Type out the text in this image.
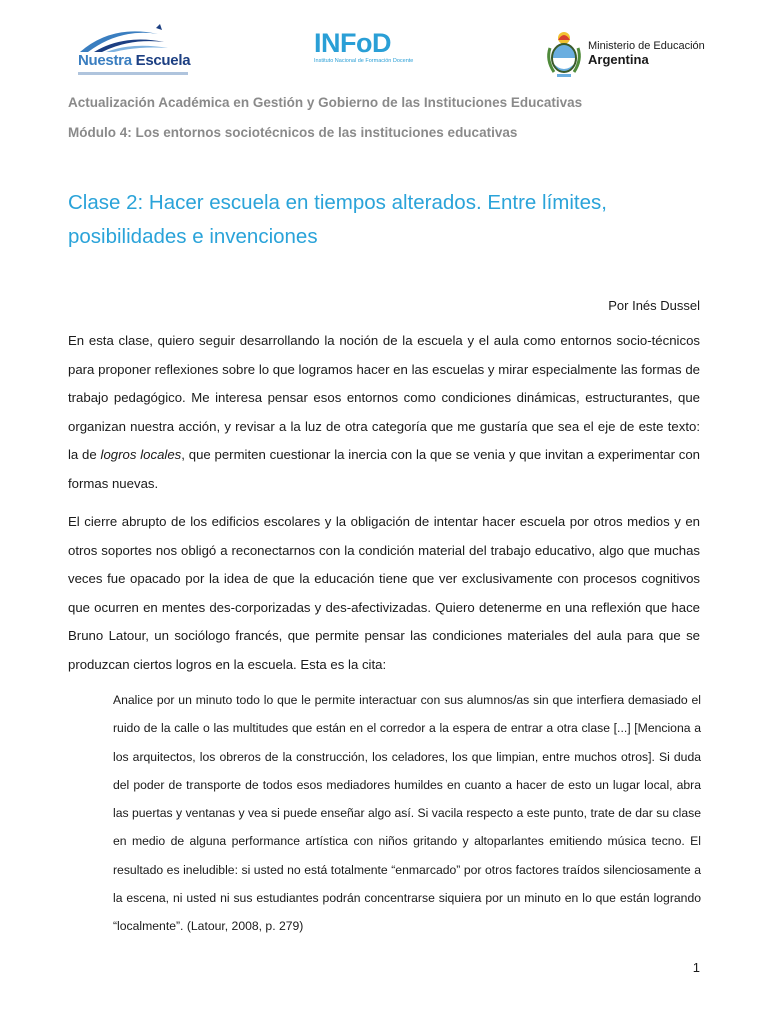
Nuestra Escuela
INFoD
Instituto Nacional de Formación Docente
Ministerio de Educación
Argentina
Actualización Académica en Gestión y Gobierno de las Instituciones Educativas
Módulo 4: Los entornos sociotécnicos de las instituciones educativas
Clase 2: Hacer escuela en tiempos alterados. Entre límites, posibilidades e invenciones
Por Inés Dussel
En esta clase, quiero seguir desarrollando la noción de la escuela y el aula como entornos socio-técnicos para proponer reflexiones sobre lo que logramos hacer en las escuelas y mirar especialmente las formas de trabajo pedagógico. Me interesa pensar esos entornos como condiciones dinámicas, estructurantes, que organizan nuestra acción, y revisar a la luz de otra categoría que me gustaría que sea el eje de este texto: la de logros locales, que permiten cuestionar la inercia con la que se venia y que invitan a experimentar con formas nuevas.
El cierre abrupto de los edificios escolares y la obligación de intentar hacer escuela por otros medios y en otros soportes nos obligó a reconectarnos con la condición material del trabajo educativo, algo que muchas veces fue opacado por la idea de que la educación tiene que ver exclusivamente con procesos cognitivos que ocurren en mentes des-corporizadas y des-afectivizadas. Quiero detenerme en una reflexión que hace Bruno Latour, un sociólogo francés, que permite pensar las condiciones materiales del aula para que se produzcan ciertos logros en la escuela. Esta es la cita:
Analice por un minuto todo lo que le permite interactuar con sus alumnos/as sin que interfiera demasiado el ruido de la calle o las multitudes que están en el corredor a la espera de entrar a otra clase [...] [Menciona a los arquitectos, los obreros de la construcción, los celadores, los que limpian, entre muchos otros]. Si duda del poder de transporte de todos esos mediadores humildes en cuanto a hacer de esto un lugar local, abra las puertas y ventanas y vea si puede enseñar algo así. Si vacila respecto a este punto, trate de dar su clase en medio de alguna performance artística con niños gritando y altoparlantes emitiendo música tecno. El resultado es ineludible: si usted no está totalmente “enmarcado” por otros factores traídos silenciosamente a la escena, ni usted ni sus estudiantes podrán concentrarse siquiera por un minuto en lo que están logrando “localmente”. (Latour, 2008, p. 279)
1
